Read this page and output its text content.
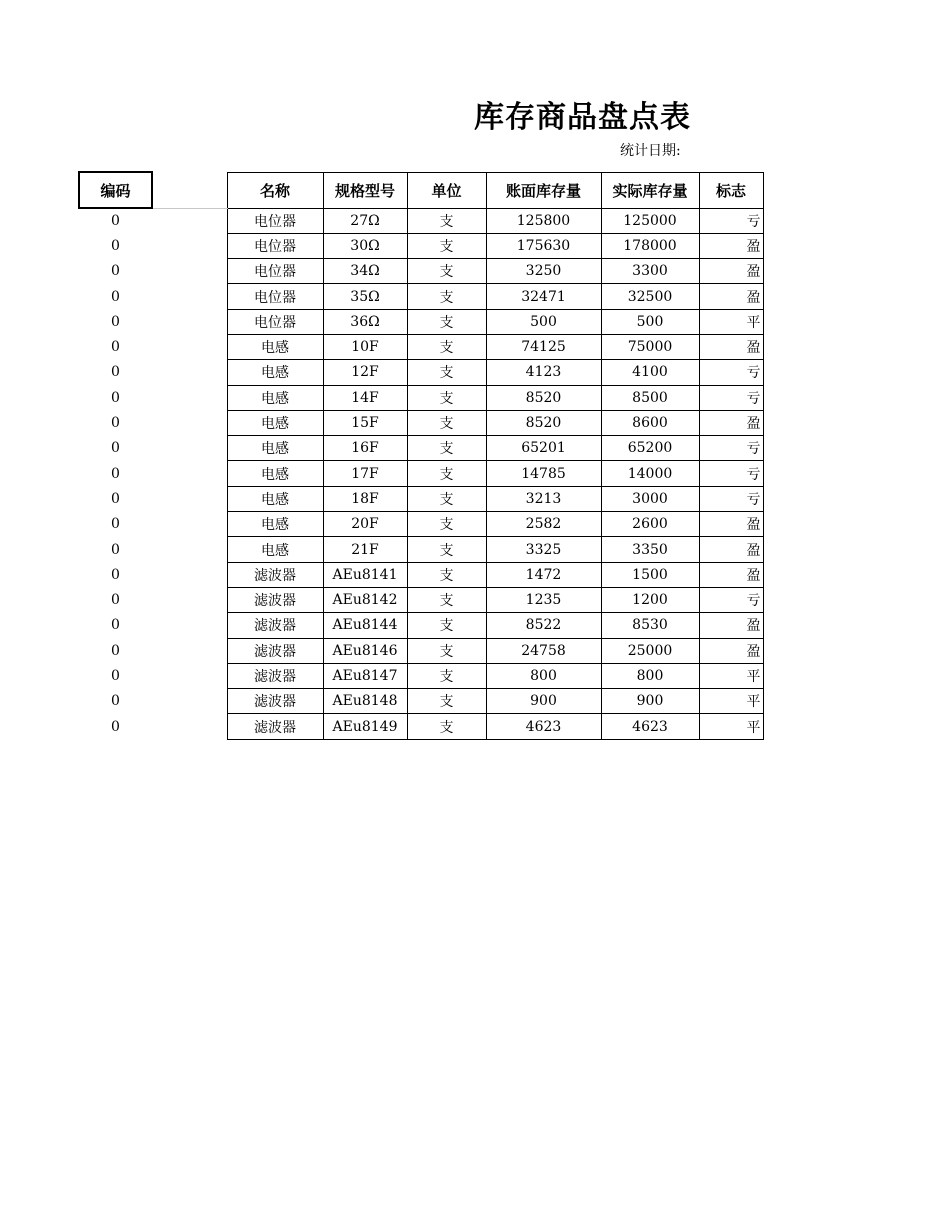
库存商品盘点表
统计日期:
编码		名称	规格型号	单位	账面库存量	实际库存量	标志
0		电位器	27Ω	支	125800	125000	亏
0		电位器	30Ω	支	175630	178000	盈
0		电位器	34Ω	支	3250	3300	盈
0		电位器	35Ω	支	32471	32500	盈
0		电位器	36Ω	支	500	500	平
0		电感	10F	支	74125	75000	盈
0		电感	12F	支	4123	4100	亏
0		电感	14F	支	8520	8500	亏
0		电感	15F	支	8520	8600	盈
0		电感	16F	支	65201	65200	亏
0		电感	17F	支	14785	14000	亏
0		电感	18F	支	3213	3000	亏
0		电感	20F	支	2582	2600	盈
0		电感	21F	支	3325	3350	盈
0		滤波器	AEu8141	支	1472	1500	盈
0		滤波器	AEu8142	支	1235	1200	亏
0		滤波器	AEu8144	支	8522	8530	盈
0		滤波器	AEu8146	支	24758	25000	盈
0		滤波器	AEu8147	支	800	800	平
0		滤波器	AEu8148	支	900	900	平
0		滤波器	AEu8149	支	4623	4623	平
